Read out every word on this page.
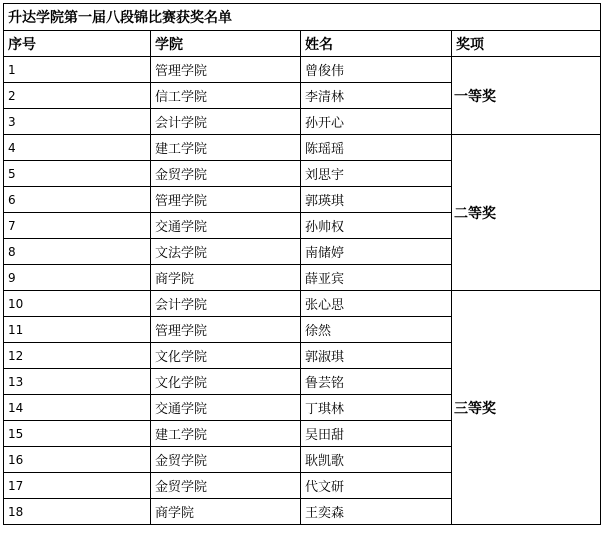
升达学院第一届八段锦比赛获奖名单			
序号	学院	姓名	奖项
1	管理学院	曾俊伟	一等奖
2	信工学院	李清林	
3	会计学院	孙开心	
4	建工学院	陈瑶瑶	二等奖
5	金贸学院	刘思宇	
6	管理学院	郭瑛琪	
7	交通学院	孙帅权	
8	文法学院	南储婷	
9	商学院	薛亚宾	
10	会计学院	张心思	三等奖
11	管理学院	徐然	
12	文化学院	郭淑琪	
13	文化学院	鲁芸铭	
14	交通学院	丁琪林	
15	建工学院	吴田甜	
16	金贸学院	耿凯歌	
17	金贸学院	代文研	
18	商学院	王奕森	
